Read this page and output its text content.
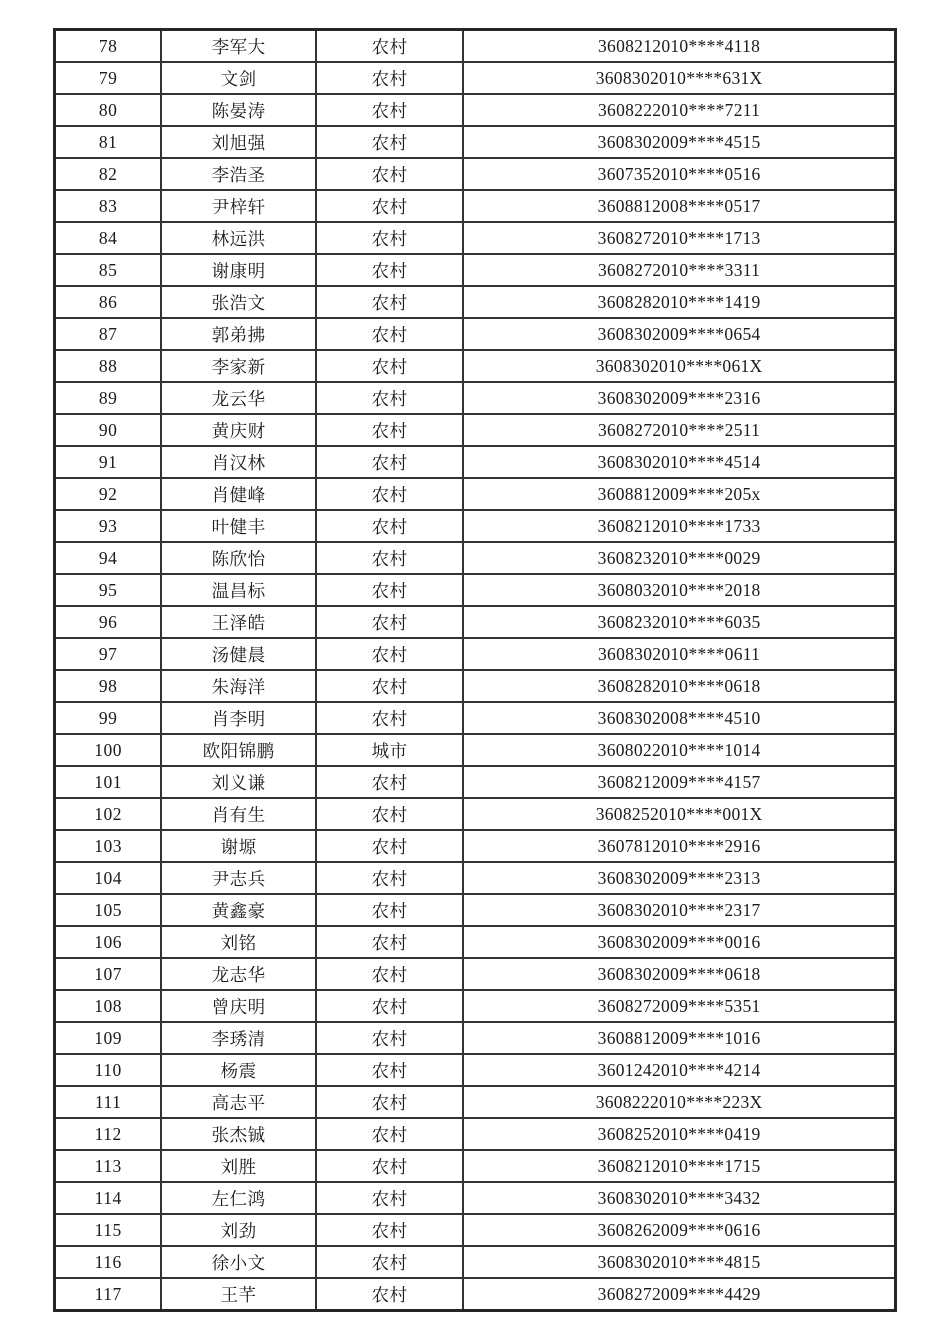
78	李军大	农村	3608212010****4118
79	文剑	农村	3608302010****631X
80	陈晏涛	农村	3608222010****7211
81	刘旭强	农村	3608302009****4515
82	李浩圣	农村	3607352010****0516
83	尹梓轩	农村	3608812008****0517
84	林远洪	农村	3608272010****1713
85	谢康明	农村	3608272010****3311
86	张浩文	农村	3608282010****1419
87	郭弟拂	农村	3608302009****0654
88	李家新	农村	3608302010****061X
89	龙云华	农村	3608302009****2316
90	黄庆财	农村	3608272010****2511
91	肖汉林	农村	3608302010****4514
92	肖健峰	农村	3608812009****205x
93	叶健丰	农村	3608212010****1733
94	陈欣怡	农村	3608232010****0029
95	温昌标	农村	3608032010****2018
96	王泽皓	农村	3608232010****6035
97	汤健晨	农村	3608302010****0611
98	朱海洋	农村	3608282010****0618
99	肖李明	农村	3608302008****4510
100	欧阳锦鹏	城市	3608022010****1014
101	刘义谦	农村	3608212009****4157
102	肖有生	农村	3608252010****001X
103	谢塬	农村	3607812010****2916
104	尹志兵	农村	3608302009****2313
105	黄鑫豪	农村	3608302010****2317
106	刘铭	农村	3608302009****0016
107	龙志华	农村	3608302009****0618
108	曾庆明	农村	3608272009****5351
109	李琇清	农村	3608812009****1016
110	杨震	农村	3601242010****4214
111	高志平	农村	3608222010****223X
112	张杰铖	农村	3608252010****0419
113	刘胜	农村	3608212010****1715
114	左仁鸿	农村	3608302010****3432
115	刘劲	农村	3608262009****0616
116	徐小文	农村	3608302010****4815
117	王芊	农村	3608272009****4429
